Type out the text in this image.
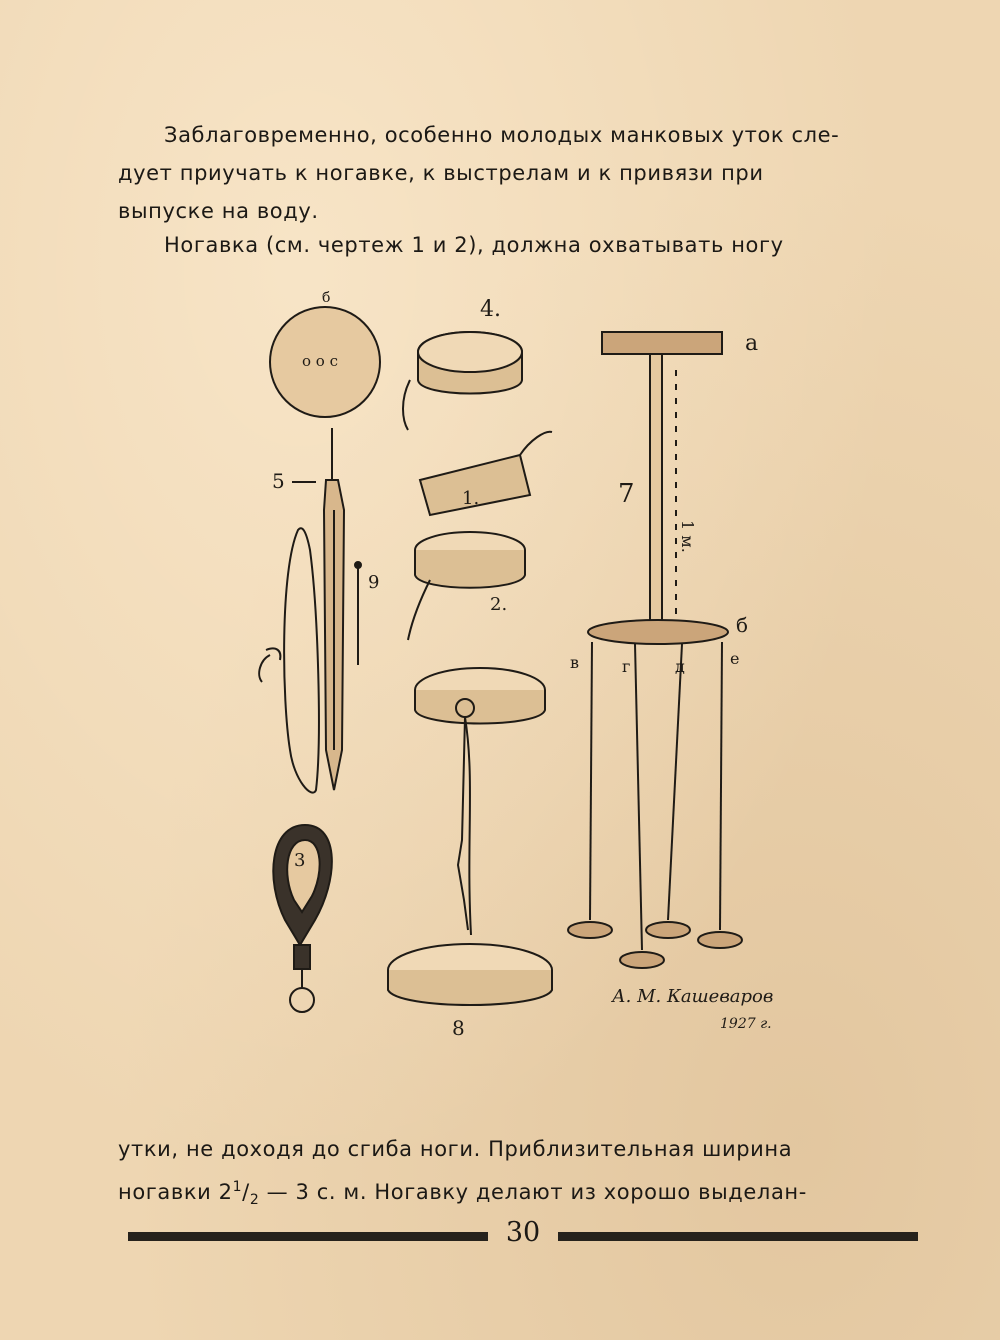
Заблаговременно, особенно молодых манковых уток сле-
дует приучать к ногавке, к выстрелам и к привязи при
выпуске на воду.

Ногавка (см. чертеж 1 и 2), должна охватывать ногу

б
о о с
5
9
3
4.
1.
2.
8
а
1 м.
7
б
в	г	д	е
А. М. Кашеваров
1927 г.

утки, не доходя до сгиба ноги. Приблизительная ширина
ногавки $2^1/_2$ — 3 с. м. Ногавку делают из хорошо выделан-

30
